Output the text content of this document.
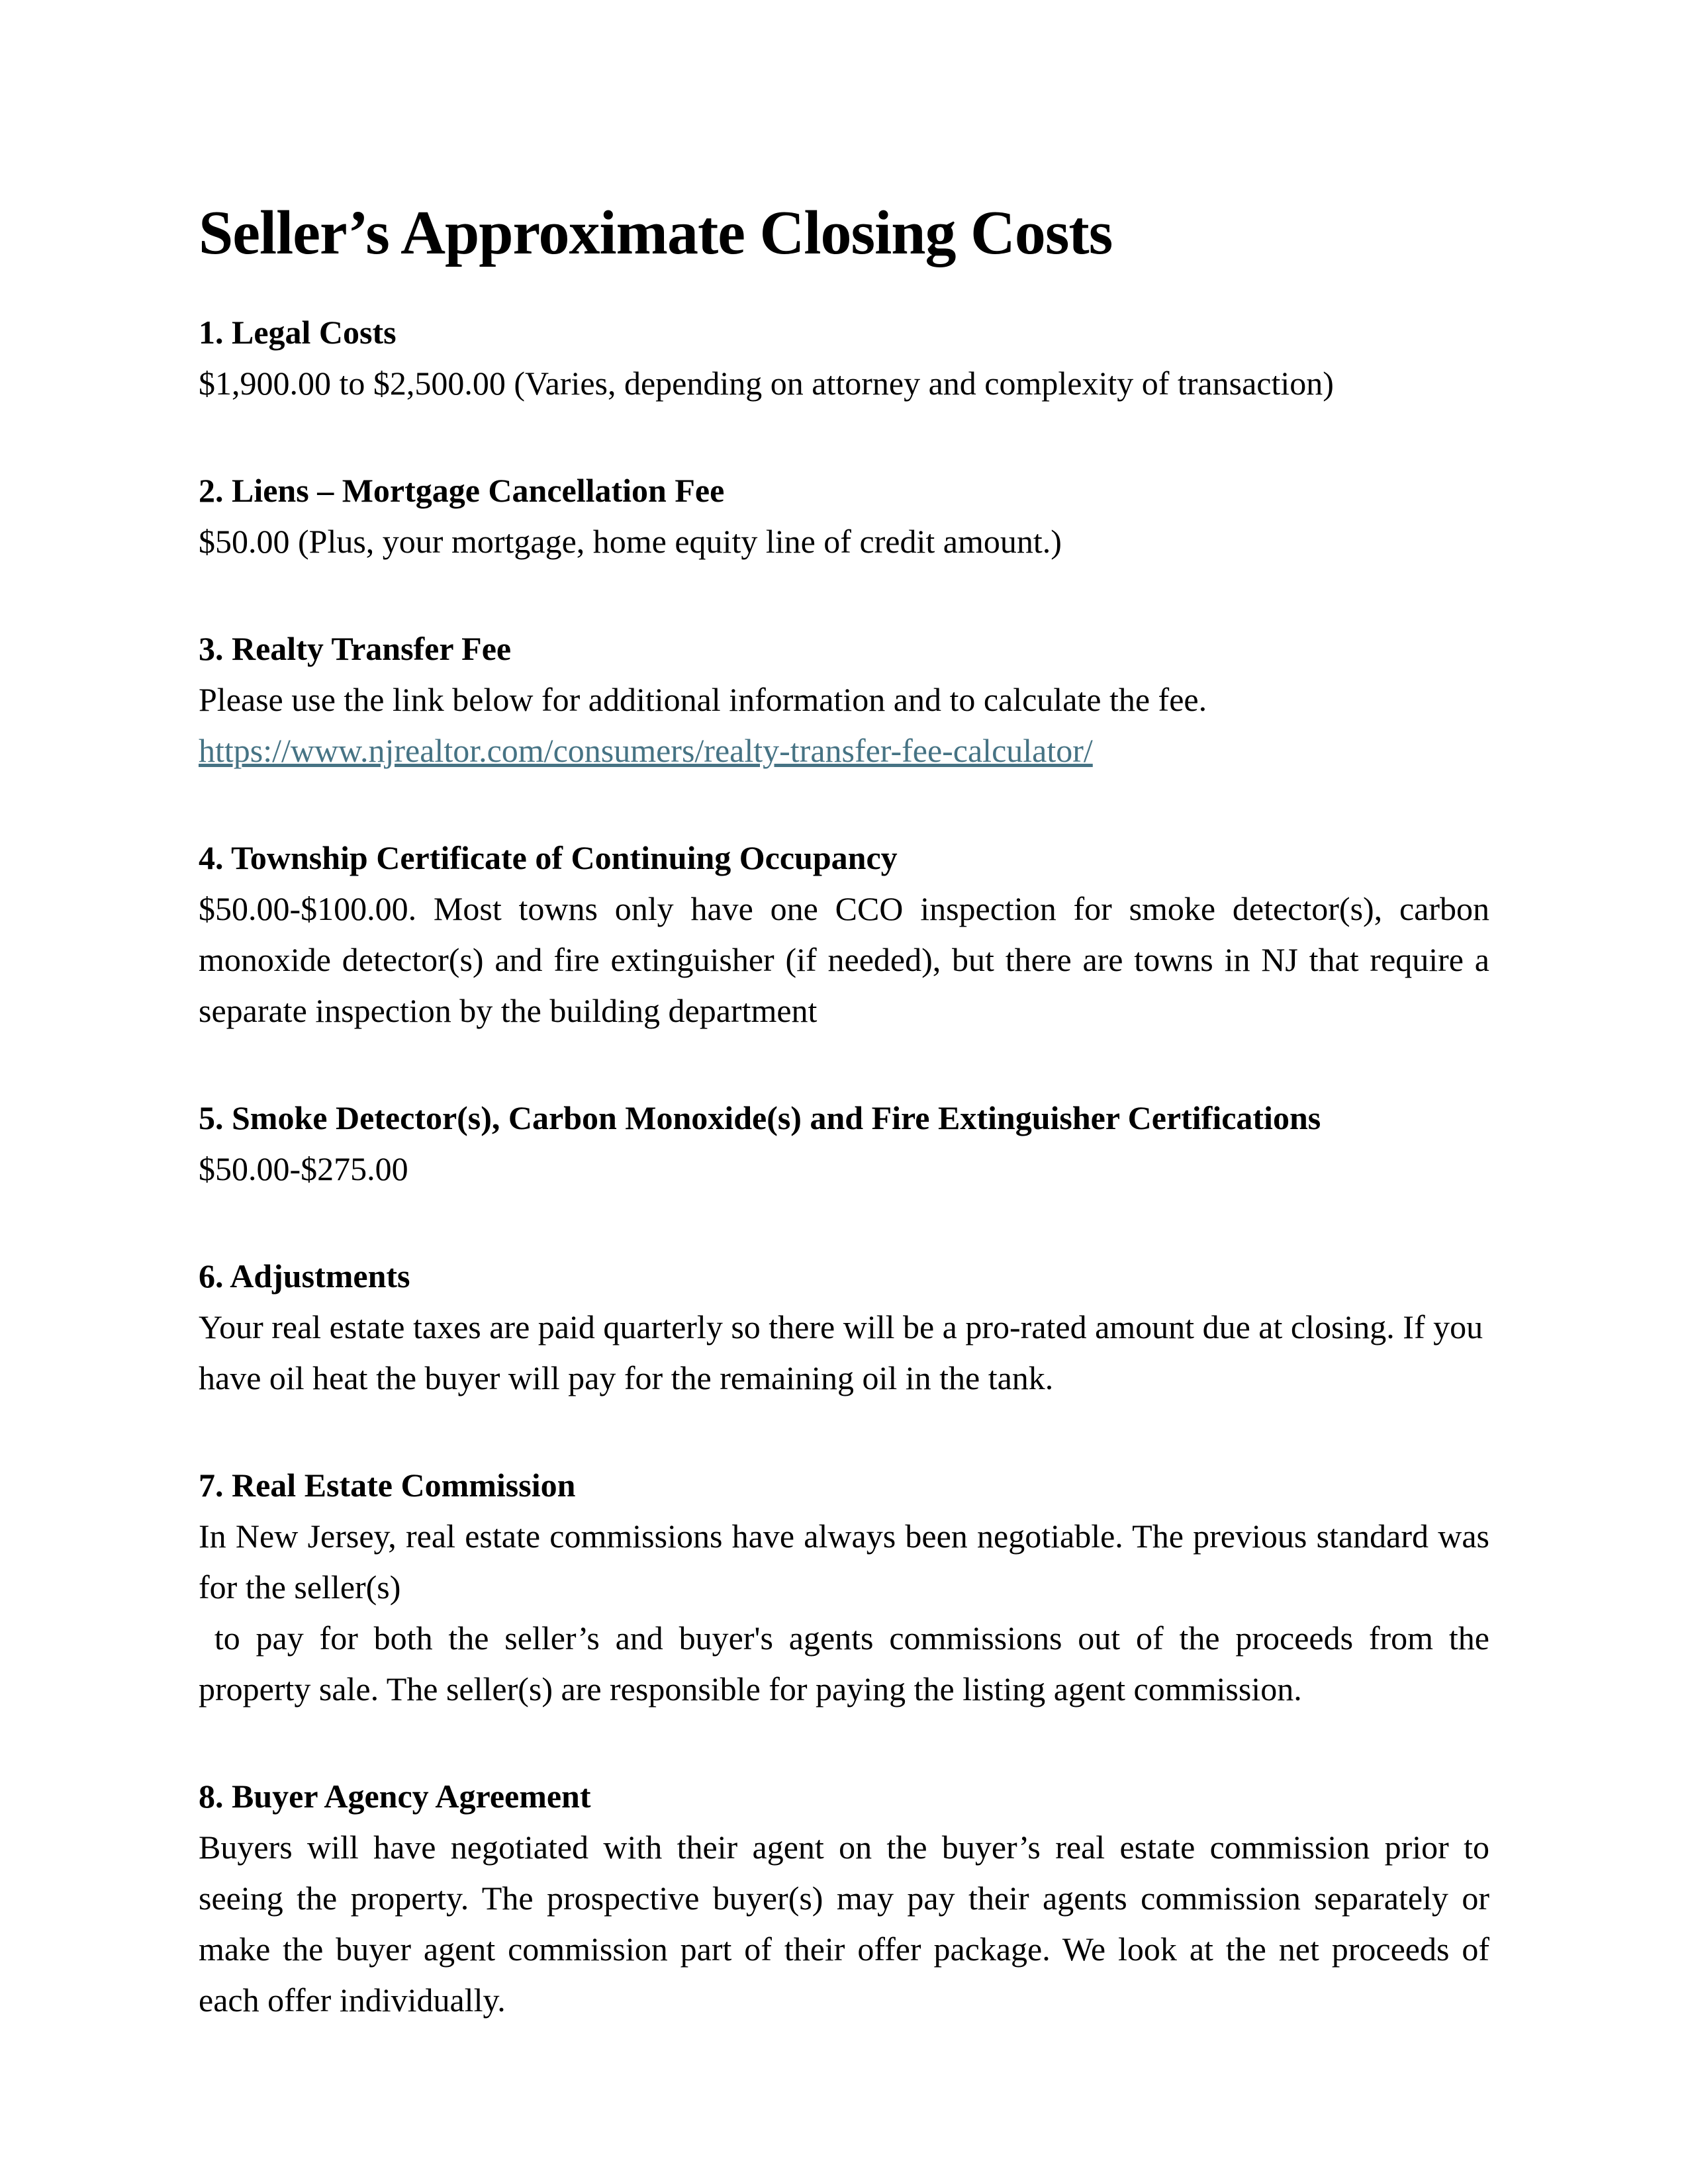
Seller’s Approximate Closing Costs
1. Legal Costs

$1,900.00 to $2,500.00 (Varies, depending on attorney and complexity of transaction)

2. Liens – Mortgage Cancellation Fee

$50.00 (Plus, your mortgage, home equity line of credit amount.)

3. Realty Transfer Fee

Please use the link below for additional information and to calculate the fee.

https://www.njrealtor.com/consumers/realty-transfer-fee-calculator/

4. Township Certificate of Continuing Occupancy

$50.00-$100.00. Most towns only have one CCO inspection for smoke detector(s), carbon monoxide detector(s) and fire extinguisher (if needed), but there are towns in NJ that require a separate inspection by the building department

5. Smoke Detector(s), Carbon Monoxide(s) and Fire Extinguisher Certifications

$50.00-$275.00

6. Adjustments

Your real estate taxes are paid quarterly so there will be a pro-rated amount due at closing. If you have oil heat the buyer will pay for the remaining oil in the tank.

7. Real Estate Commission

In New Jersey, real estate commissions have always been negotiable. The previous standard was for the seller(s)

to pay for both the seller’s and buyer's agents commissions out of the proceeds from the property sale. The seller(s) are responsible for paying the listing agent commission.

8. Buyer Agency Agreement

Buyers will have negotiated with their agent on the buyer’s real estate commission prior to seeing the property. The prospective buyer(s) may pay their agents commission separately or make the buyer agent commission part of their offer package. We look at the net proceeds of each offer individually.
